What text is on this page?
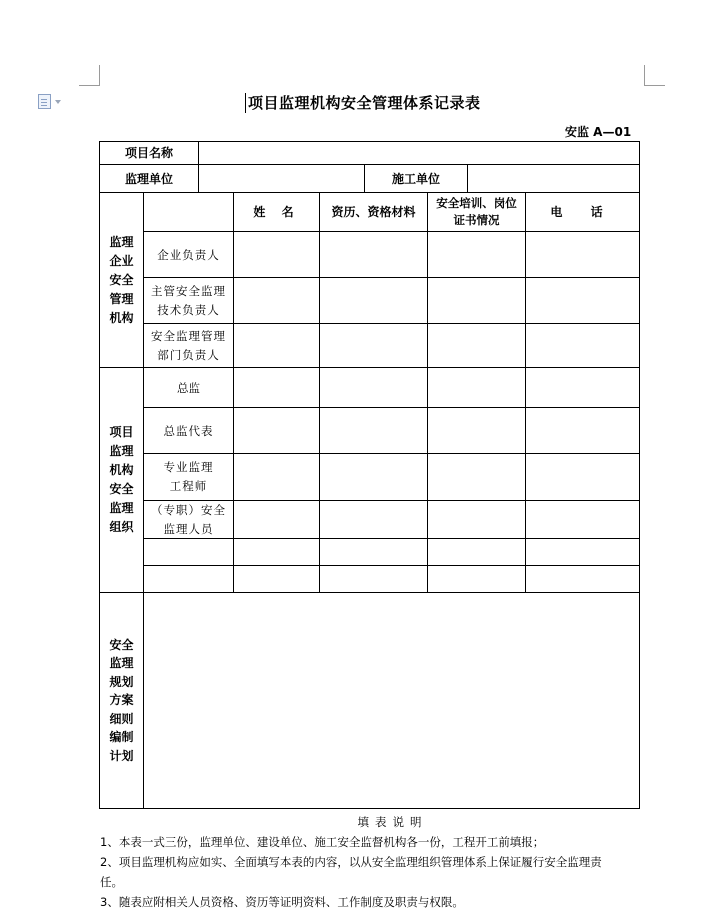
项目监理机构安全管理体系记录表
安监 A—01
项目名称
监理单位	施工单位
姓 名	资历、资格材料
安全培训、岗位
证书情况
电 话
监理
企业
安全
管理
机构
企业负责人
主管安全监理
技术负责人
安全监理管理
部门负责人
项目
监理
机构
安全
监理
组织
总监
总监代表
专业监理
工程师
（专职）安全
监理人员
安全
监理
规划
方案
细则
编制
计划
填表说明
1、本表一式三份，监理单位、建设单位、施工安全监督机构各一份，工程开工前填报；
2、项目监理机构应如实、全面填写本表的内容，以从安全监理组织管理体系上保证履行安全监理责
任。
3、随表应附相关人员资格、资历等证明资料、工作制度及职责与权限。
